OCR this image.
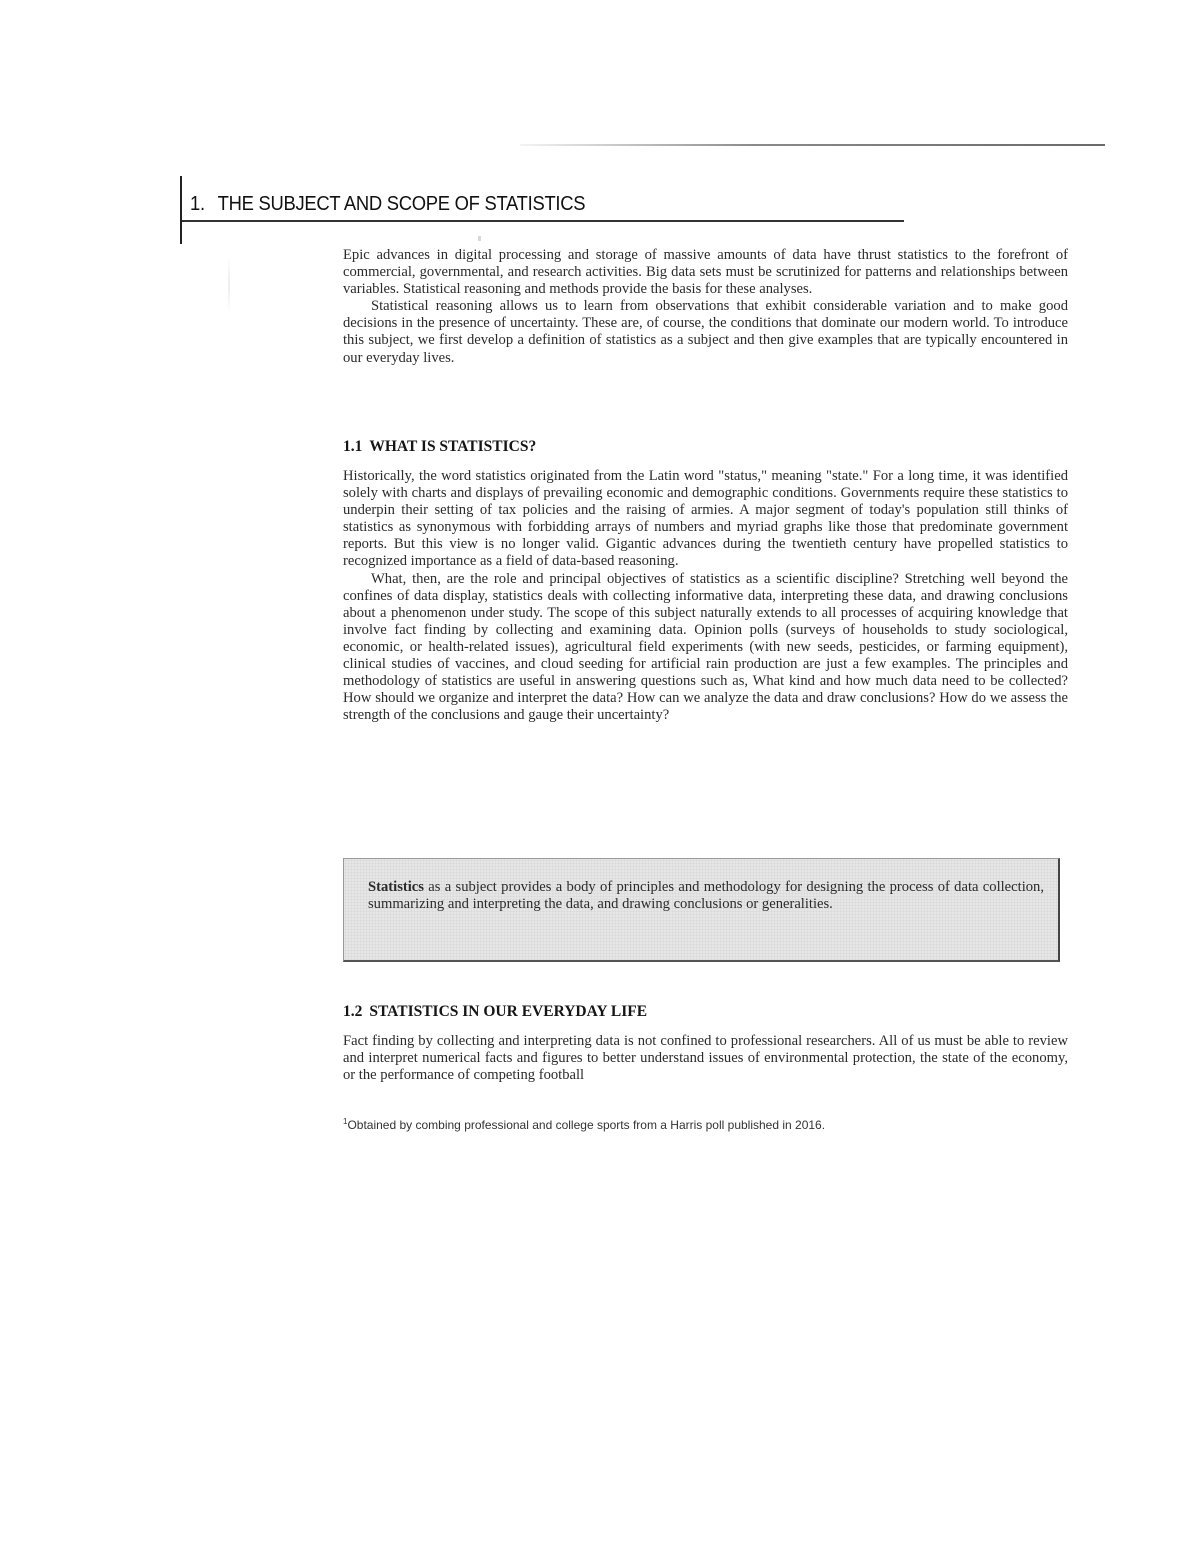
1. THE SUBJECT AND SCOPE OF STATISTICS

Epic advances in digital processing and storage of massive amounts of data have thrust statistics to the forefront of commercial, governmental, and research activities. Big data sets must be scrutinized for patterns and relationships between variables. Statistical reasoning and methods provide the basis for these analyses.

Statistical reasoning allows us to learn from observations that exhibit considerable variation and to make good decisions in the presence of uncertainty. These are, of course, the conditions that dominate our modern world. To introduce this subject, we first develop a definition of statistics as a subject and then give examples that are typically encountered in our everyday lives.

1.1 WHAT IS STATISTICS?

Historically, the word statistics originated from the Latin word "status," meaning "state." For a long time, it was identified solely with charts and displays of prevailing economic and demographic conditions. Governments require these statistics to underpin their setting of tax policies and the raising of armies. A major segment of today's population still thinks of statistics as synonymous with forbidding arrays of numbers and myriad graphs like those that predominate government reports. But this view is no longer valid. Gigantic advances during the twentieth century have propelled statistics to recognized importance as a field of data-based reasoning.

What, then, are the role and principal objectives of statistics as a scientific discipline? Stretching well beyond the confines of data display, statistics deals with collecting informative data, interpreting these data, and drawing conclusions about a phenomenon under study. The scope of this subject naturally extends to all processes of acquiring knowledge that involve fact finding by collecting and examining data. Opinion polls (surveys of households to study sociological, economic, or health-related issues), agricultural field experiments (with new seeds, pesticides, or farming equipment), clinical studies of vaccines, and cloud seeding for artificial rain production are just a few examples. The principles and methodology of statistics are useful in answering questions such as, What kind and how much data need to be collected? How should we organize and interpret the data? How can we analyze the data and draw conclusions? How do we assess the strength of the conclusions and gauge their uncertainty?

Statistics as a subject provides a body of principles and methodology for designing the process of data collection, summarizing and interpreting the data, and drawing conclusions or generalities.

1.2 STATISTICS IN OUR EVERYDAY LIFE

Fact finding by collecting and interpreting data is not confined to professional researchers. All of us must be able to review and interpret numerical facts and figures to better understand issues of environmental protection, the state of the economy, or the performance of competing football

$^1$Obtained by combing professional and college sports from a Harris poll published in 2016.
